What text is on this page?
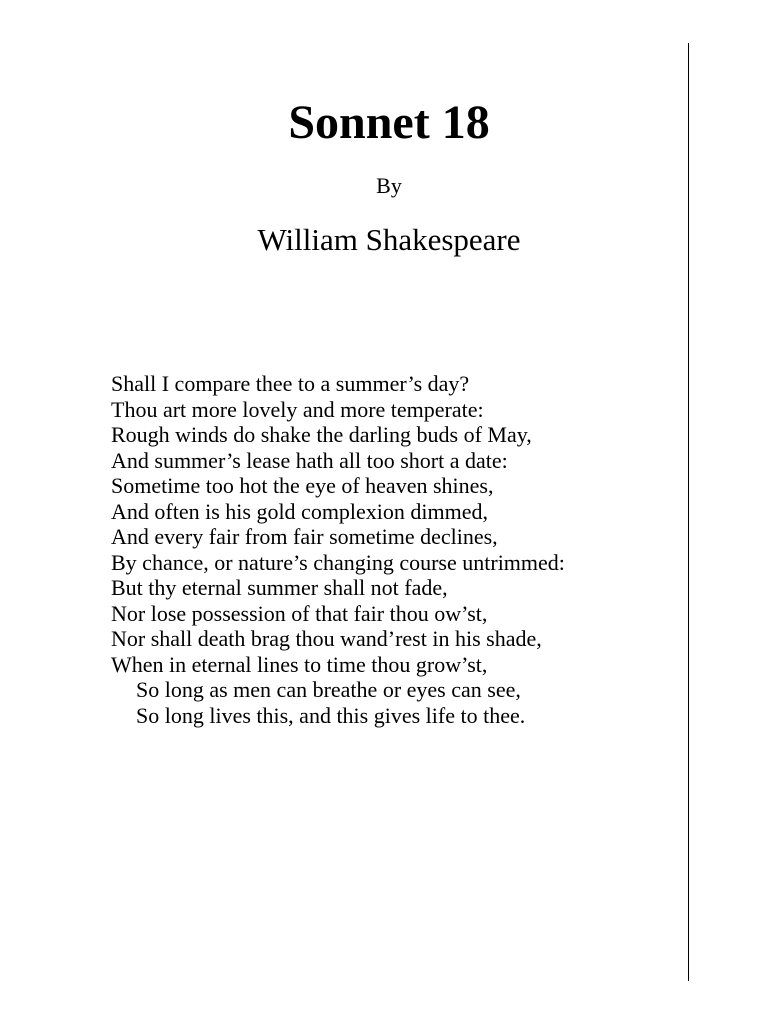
Sonnet 18
By
William Shakespeare
Shall I compare thee to a summer’s day?
Thou art more lovely and more temperate:
Rough winds do shake the darling buds of May,
And summer’s lease hath all too short a date:
Sometime too hot the eye of heaven shines,
And often is his gold complexion dimmed,
And every fair from fair sometime declines,
By chance, or nature’s changing course untrimmed:
But thy eternal summer shall not fade,
Nor lose possession of that fair thou ow’st,
Nor shall death brag thou wand’rest in his shade,
When in eternal lines to time thou grow’st,
So long as men can breathe or eyes can see,
So long lives this, and this gives life to thee.
